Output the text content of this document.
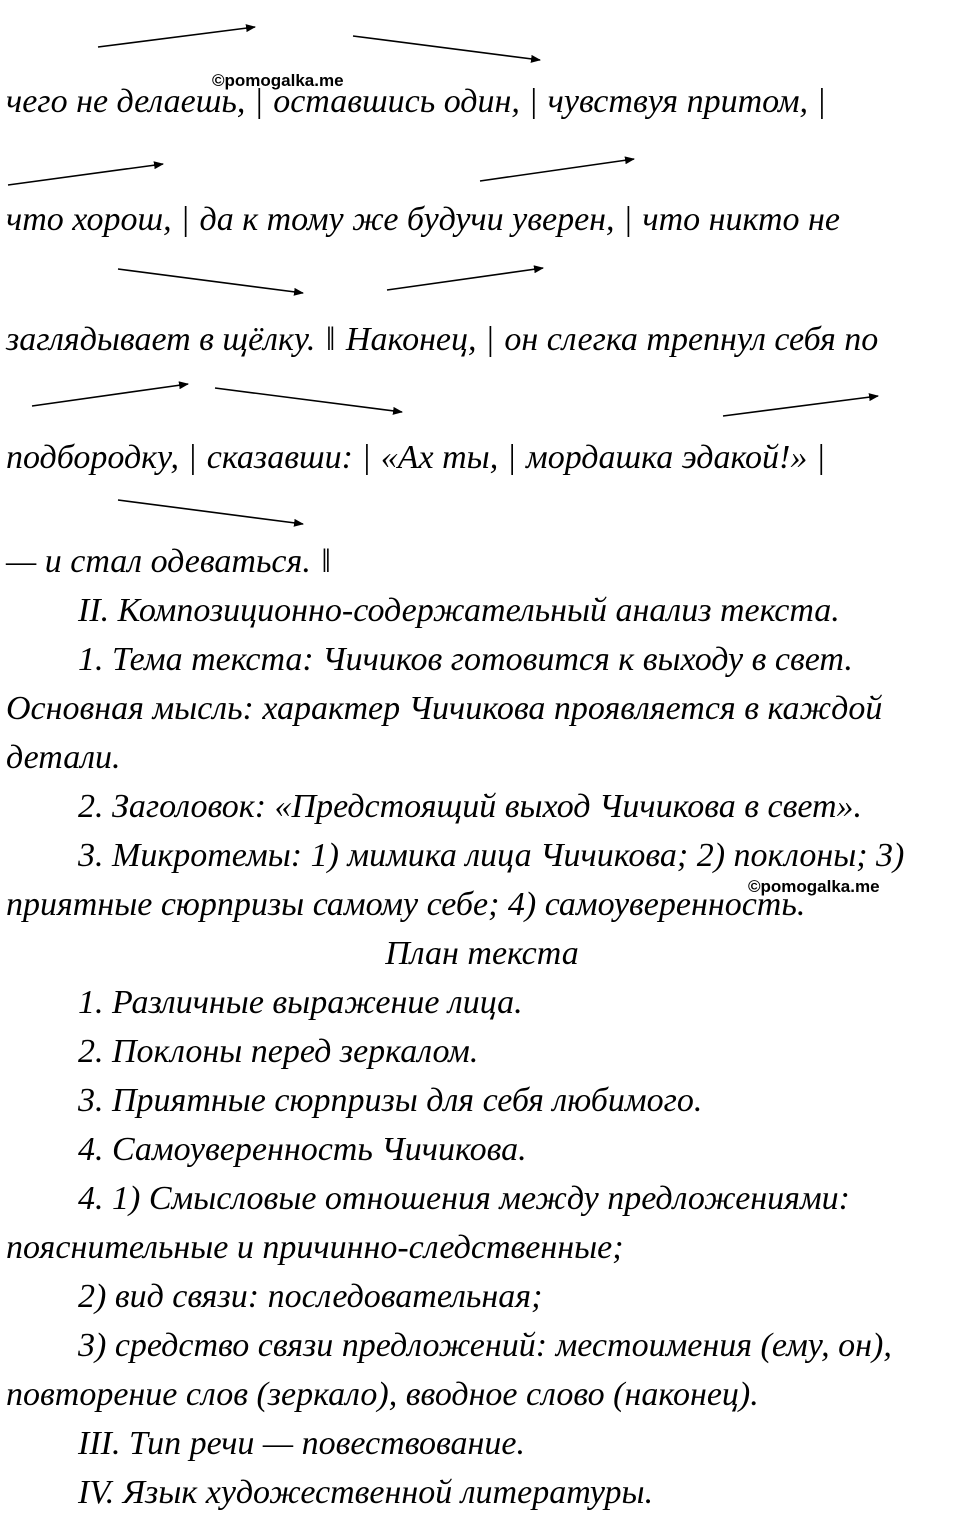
чего не делаешь, | оставшись один, | чувствуя притом, |
что хорош, | да к тому же будучи уверен, | что никто не
заглядывает в щёлку. ‖ Наконец, | он слегка трепнул себя по
подбородку, | сказавши: | «Ах ты, | мордашка эдакой!» |
— и стал одеваться. ‖

II. Композиционно-содержательный анализ текста.

1. Тема текста: Чичиков готовится к выходу в свет. Основная мысль: характер Чичикова проявляется в каждой детали.

2. Заголовок: «Предстоящий выход Чичикова в свет».

3. Микротемы: 1) мимика лица Чичикова; 2) поклоны; 3) приятные сюрпризы самому себе; 4) самоуверенность.

План текста

1. Различные выражение лица.

2. Поклоны перед зеркалом.

3. Приятные сюрпризы для себя любимого.

4. Самоуверенность Чичикова.

4. 1) Смысловые отношения между предложениями: пояснительные и причинно-следственные;

2) вид связи: последовательная;

3) средство связи предложений: местоимения (ему, он), повторение слов (зеркало), вводное слово (наконец).

III. Тип речи — повествование.

IV. Язык художественной литературы.

©pomogalka.me
©pomogalka.me
